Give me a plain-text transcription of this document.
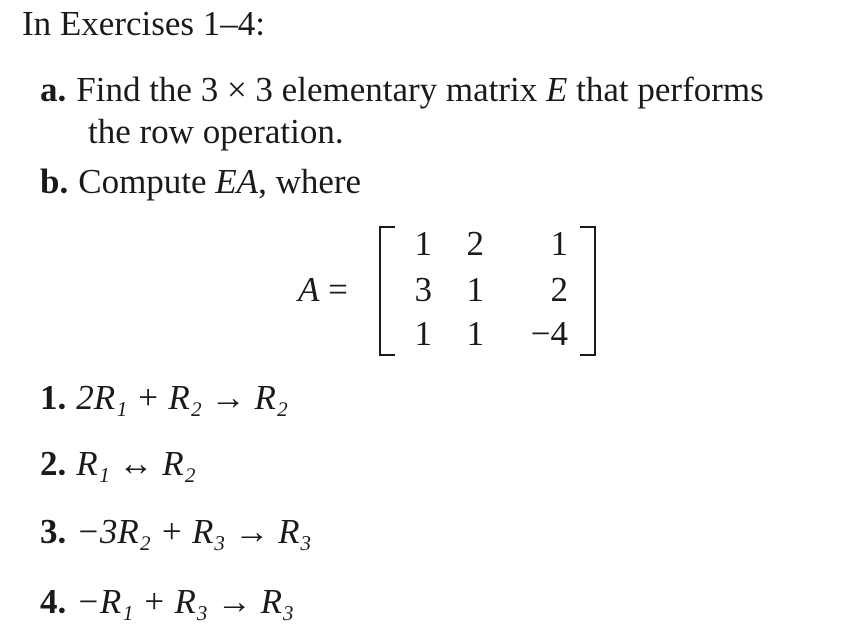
In Exercises 1–4:
a. Find the 3 × 3 elementary matrix E that performs
the row operation.
b. Compute EA, where
A =
1 2	1
3 1	2
1 1	−4
1. 2R₁ + R₂ → R₂
2. R₁ ↔ R₂
3. −3R₂ + R₃ → R₃
4. −R₁ + R₃ → R₃
